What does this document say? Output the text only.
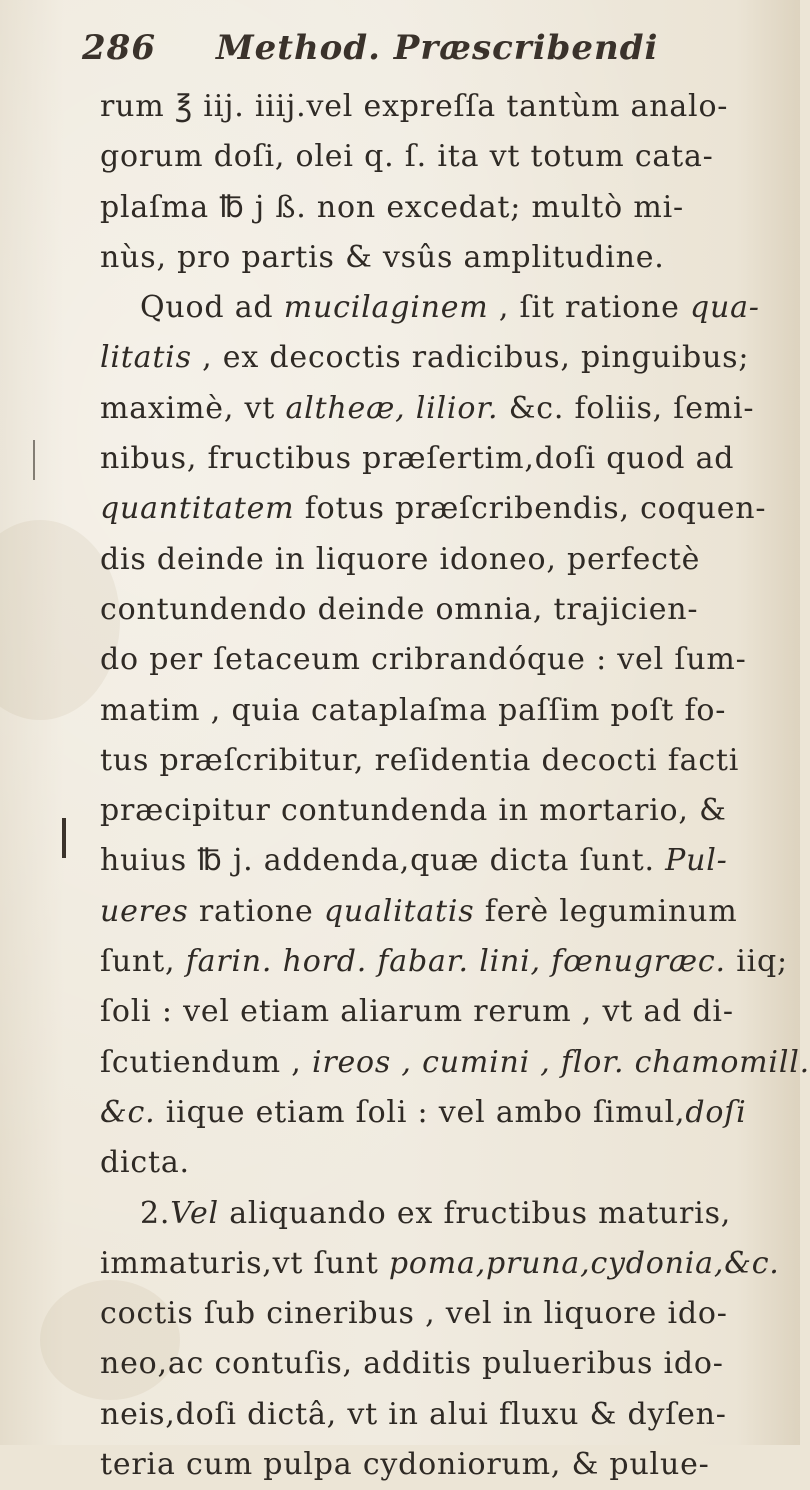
286 Method. Præscribendi
rum ℥ iij. iiij.vel expreſſa tantùm analo-
gorum doſi, olei q. ſ. ita vt totum cata-
plaſma ℔ j ß. non excedat; multò mi-
nùs, pro partis & vsûs amplitudine.
Quod ad mucilaginem , ſit ratione qua-
litatis , ex decoctis radicibus, pinguibus;
maximè, vt altheæ, lilior. &c. foliis, ſemi-
nibus, fructibus præſertim,doſi quod ad
quantitatem fotus præſcribendis, coquen-
dis deinde in liquore idoneo, perfectè
contundendo deinde omnia, trajicien-
do per ſetaceum cribrandóque : vel ſum-
matim , quia cataplaſma paſſim poſt fo-
tus præſcribitur, reſidentia decocti facti
præcipitur contundenda in mortario, &
huius ℔ j. addenda,quæ dicta ſunt. Pul-
ueres ratione qualitatis ferè leguminum
ſunt, farin. hord. fabar. lini, fœnugræc. iiq;
ſoli : vel etiam aliarum rerum , vt ad di-
ſcutiendum , ireos , cumini , flor. chamomill.
&c. iique etiam ſoli : vel ambo ſimul,doſi
dicta.
2.Vel aliquando ex fructibus maturis,
immaturis,vt ſunt poma,pruna,cydonia,&c.
coctis ſub cineribus , vel in liquore ido-
neo,ac contuſis, additis pulueribus ido-
neis,doſi dictâ, vt in alui fluxu & dyſen-
teria cum pulpa cydoniorum, & pulue-
